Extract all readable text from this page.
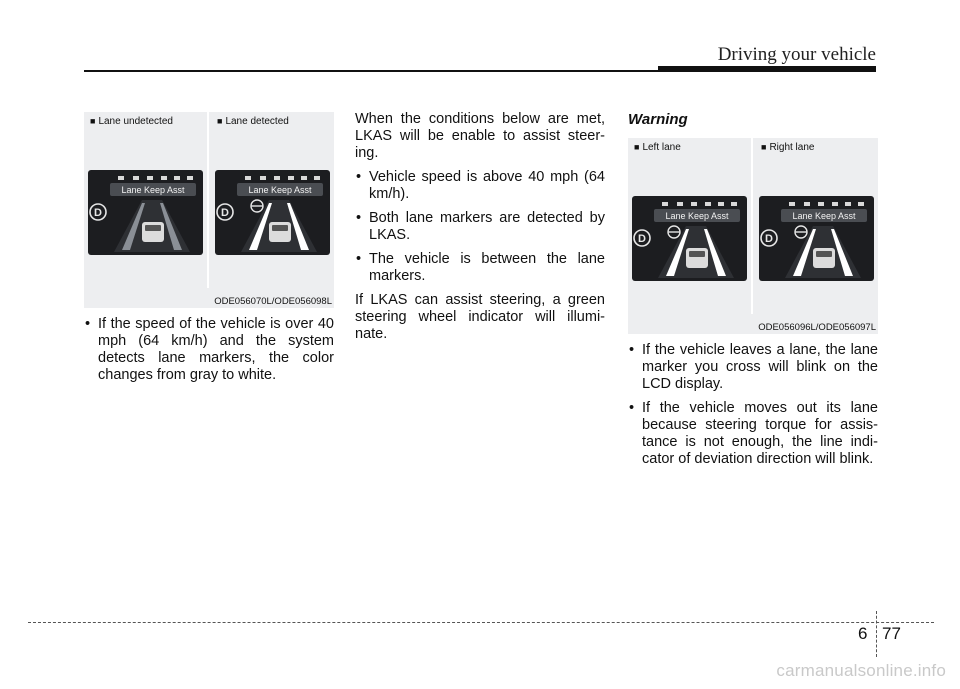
Driving your vehicle
■ Lane undetected
Lane Keep Asst
D
■ Lane detected
Lane Keep Asst
D
ODE056070L/ODE056098L
• If the speed of the vehicle is over 40 mph (64 km/h) and the system detects lane markers, the color changes from gray to white.

When the conditions below are met, LKAS will be enable to assist steer- ing.

• Vehicle speed is above 40 mph (64 km/h).
• Both lane markers are detected by LKAS.
• The vehicle is between the lane markers.

If LKAS can assist steering, a green steering wheel indicator will illumi- nate.

Warning
■ Left lane
Lane Keep Asst
D
■ Right lane
Lane Keep Asst
D
ODE056096L/ODE056097L
• If the vehicle leaves a lane, the lane marker you cross will blink on the LCD display.
• If the vehicle moves out its lane because steering torque for assis- tance is not enough, the line indi- cator of deviation direction will blink.
6 77
carmanualsonline.info
